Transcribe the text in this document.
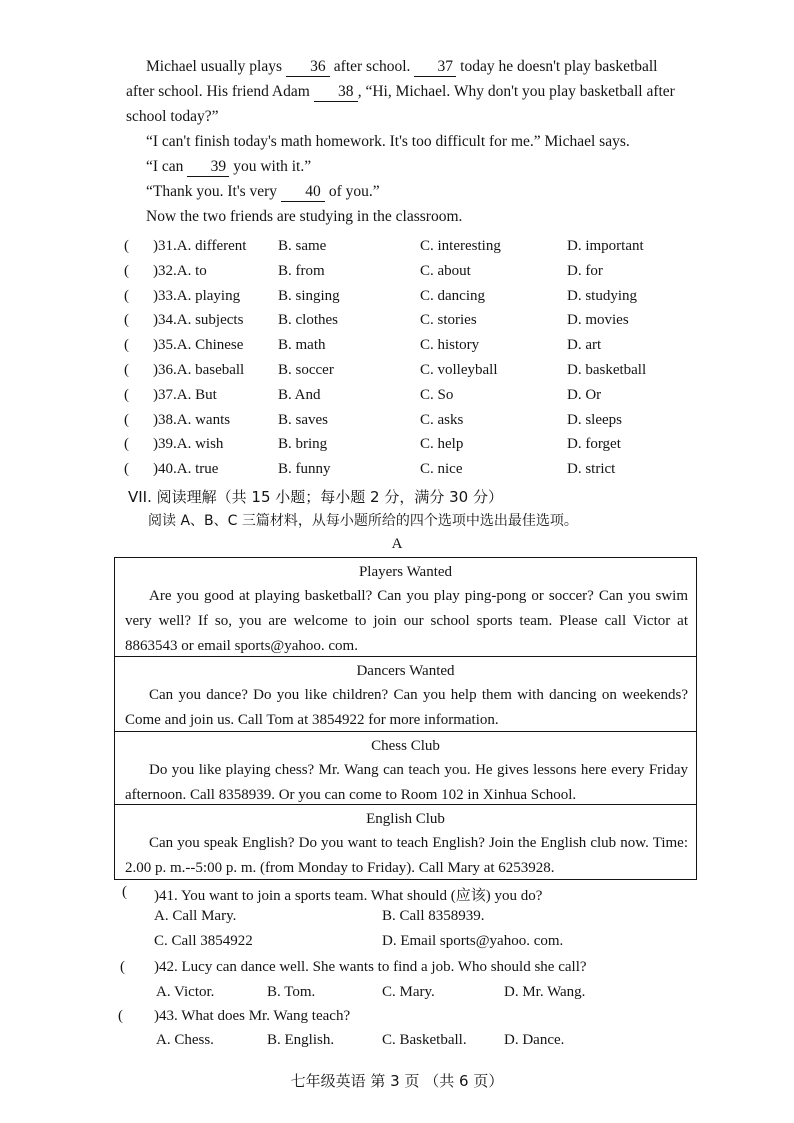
Michael usually plays 36 after school. 37 today he doesn't play basketball after school. His friend Adam 38 , “Hi, Michael. Why don't you play basketball after school today?”

“I can't finish today's math homework. It's too difficult for me.” Michael says.

“I can 39 you with it.”

“Thank you. It's very 40 of you.”

Now the two friends are studying in the classroom.

( )31.A. different B. same	C. interesting	D. important
( )32.A. to	B. from	C. about	D. for
( )33.A. playing	B. singing	C. dancing	D. studying
( )34.A. subjects B. clothes	C. stories	D. movies
( )35.A. Chinese B. math	C. history	D. art
( )36.A. baseball B. soccer	C. volleyball	D. basketball
( )37.A. But	B. And	C. So	D. Or
( )38.A. wants	B. saves	C. asks	D. sleeps
( )39.A. wish	B. bring	C. help	D. forget
( )40.A. true	B. funny	C. nice	D. strict
VII. 阅读理解（共 15 小题；每小题 2 分，满分 30 分）
阅读 A、B、C 三篇材料，从每小题所给的四个选项中选出最佳选项。
A
Players Wanted
Are you good at playing basketball? Can you play ping-pong or soccer? Can you swim very well? If so, you are welcome to join our school sports team. Please call Victor at 8863543 or email sports@yahoo. com.
Dancers Wanted
Can you dance? Do you like children? Can you help them with dancing on weekends? Come and join us. Call Tom at 3854922 for more information.
Chess Club
Do you like playing chess? Mr. Wang can teach you. He gives lessons here every Friday afternoon. Call 8358939. Or you can come to Room 102 in Xinhua School.
English Club
Can you speak English? Do you want to teach English? Join the English club now. Time: 2.00 p. m.--5:00 p. m. (from Monday to Friday). Call Mary at 6253928.
( )41. You want to join a sports team. What should (应该) you do?
A. Call Mary.	B. Call 8358939.
C. Call 3854922	D. Email sports@yahoo. com.
( )42. Lucy can dance well. She wants to find a job. Who should she call?
A. Victor.	B. Tom.	C. Mary.	D. Mr. Wang.
( )43. What does Mr. Wang teach?
A. Chess.	B. English.	C. Basketball. D. Dance.
七年级英语 第 3 页 （共 6 页）
